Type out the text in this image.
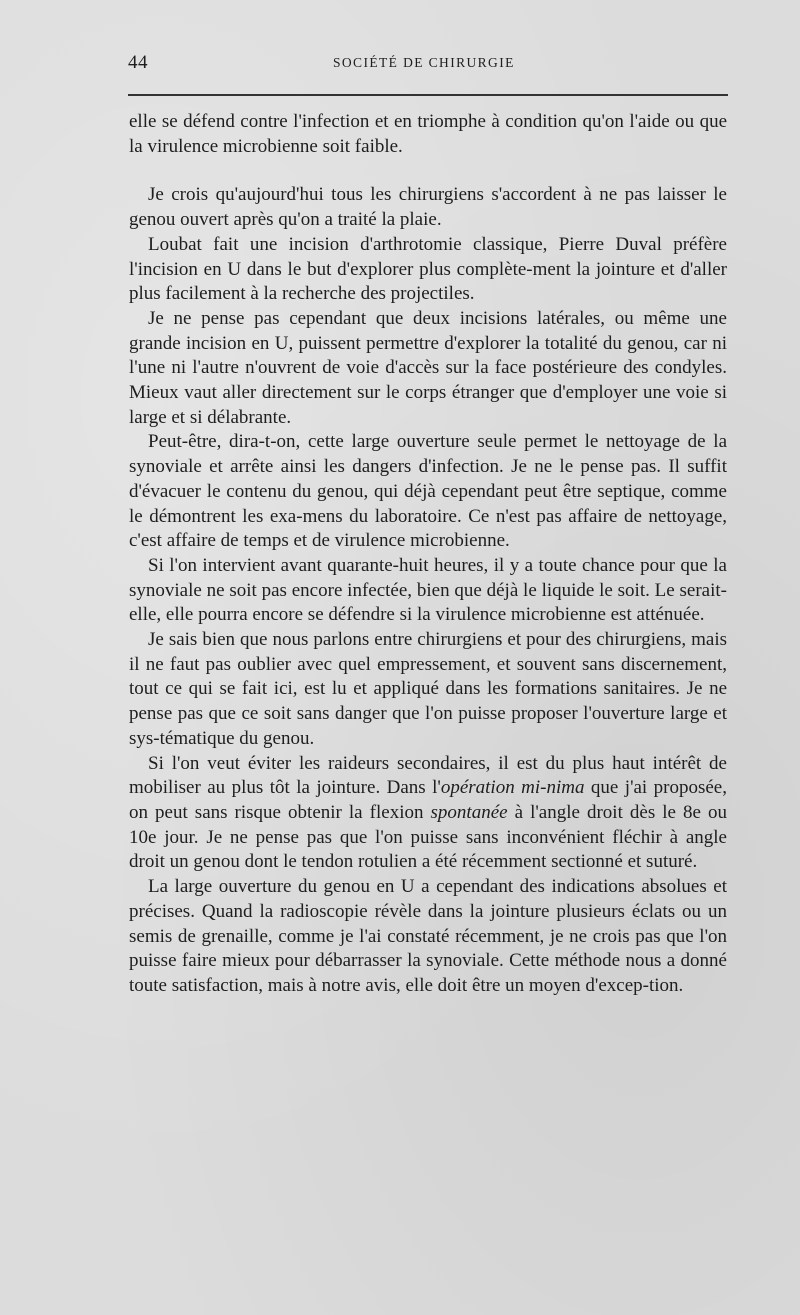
44	SOCIÉTÉ DE CHIRURGIE

elle se défend contre l'infection et en triomphe à condition qu'on l'aide ou que la virulence microbienne soit faible.

Je crois qu'aujourd'hui tous les chirurgiens s'accordent à ne pas laisser le genou ouvert après qu'on a traité la plaie.

Loubat fait une incision d'arthrotomie classique, Pierre Duval préfère l'incision en U dans le but d'explorer plus complète-ment la jointure et d'aller plus facilement à la recherche des projectiles.

Je ne pense pas cependant que deux incisions latérales, ou même une grande incision en U, puissent permettre d'explorer la totalité du genou, car ni l'une ni l'autre n'ouvrent de voie d'accès sur la face postérieure des condyles. Mieux vaut aller directement sur le corps étranger que d'employer une voie si large et si délabrante.

Peut-être, dira-t-on, cette large ouverture seule permet le nettoyage de la synoviale et arrête ainsi les dangers d'infection. Je ne le pense pas. Il suffit d'évacuer le contenu du genou, qui déjà cependant peut être septique, comme le démontrent les exa-mens du laboratoire. Ce n'est pas affaire de nettoyage, c'est affaire de temps et de virulence microbienne.

Si l'on intervient avant quarante-huit heures, il y a toute chance pour que la synoviale ne soit pas encore infectée, bien que déjà le liquide le soit. Le serait-elle, elle pourra encore se défendre si la virulence microbienne est atténuée.

Je sais bien que nous parlons entre chirurgiens et pour des chirurgiens, mais il ne faut pas oublier avec quel empressement, et souvent sans discernement, tout ce qui se fait ici, est lu et appliqué dans les formations sanitaires. Je ne pense pas que ce soit sans danger que l'on puisse proposer l'ouverture large et sys-tématique du genou.

Si l'on veut éviter les raideurs secondaires, il est du plus haut intérêt de mobiliser au plus tôt la jointure. Dans l'opération mi-nima que j'ai proposée, on peut sans risque obtenir la flexion spontanée à l'angle droit dès le 8e ou 10e jour. Je ne pense pas que l'on puisse sans inconvénient fléchir à angle droit un genou dont le tendon rotulien a été récemment sectionné et suturé.

La large ouverture du genou en U a cependant des indications absolues et précises. Quand la radioscopie révèle dans la jointure plusieurs éclats ou un semis de grenaille, comme je l'ai constaté récemment, je ne crois pas que l'on puisse faire mieux pour débarrasser la synoviale. Cette méthode nous a donné toute satisfaction, mais à notre avis, elle doit être un moyen d'excep-tion.
